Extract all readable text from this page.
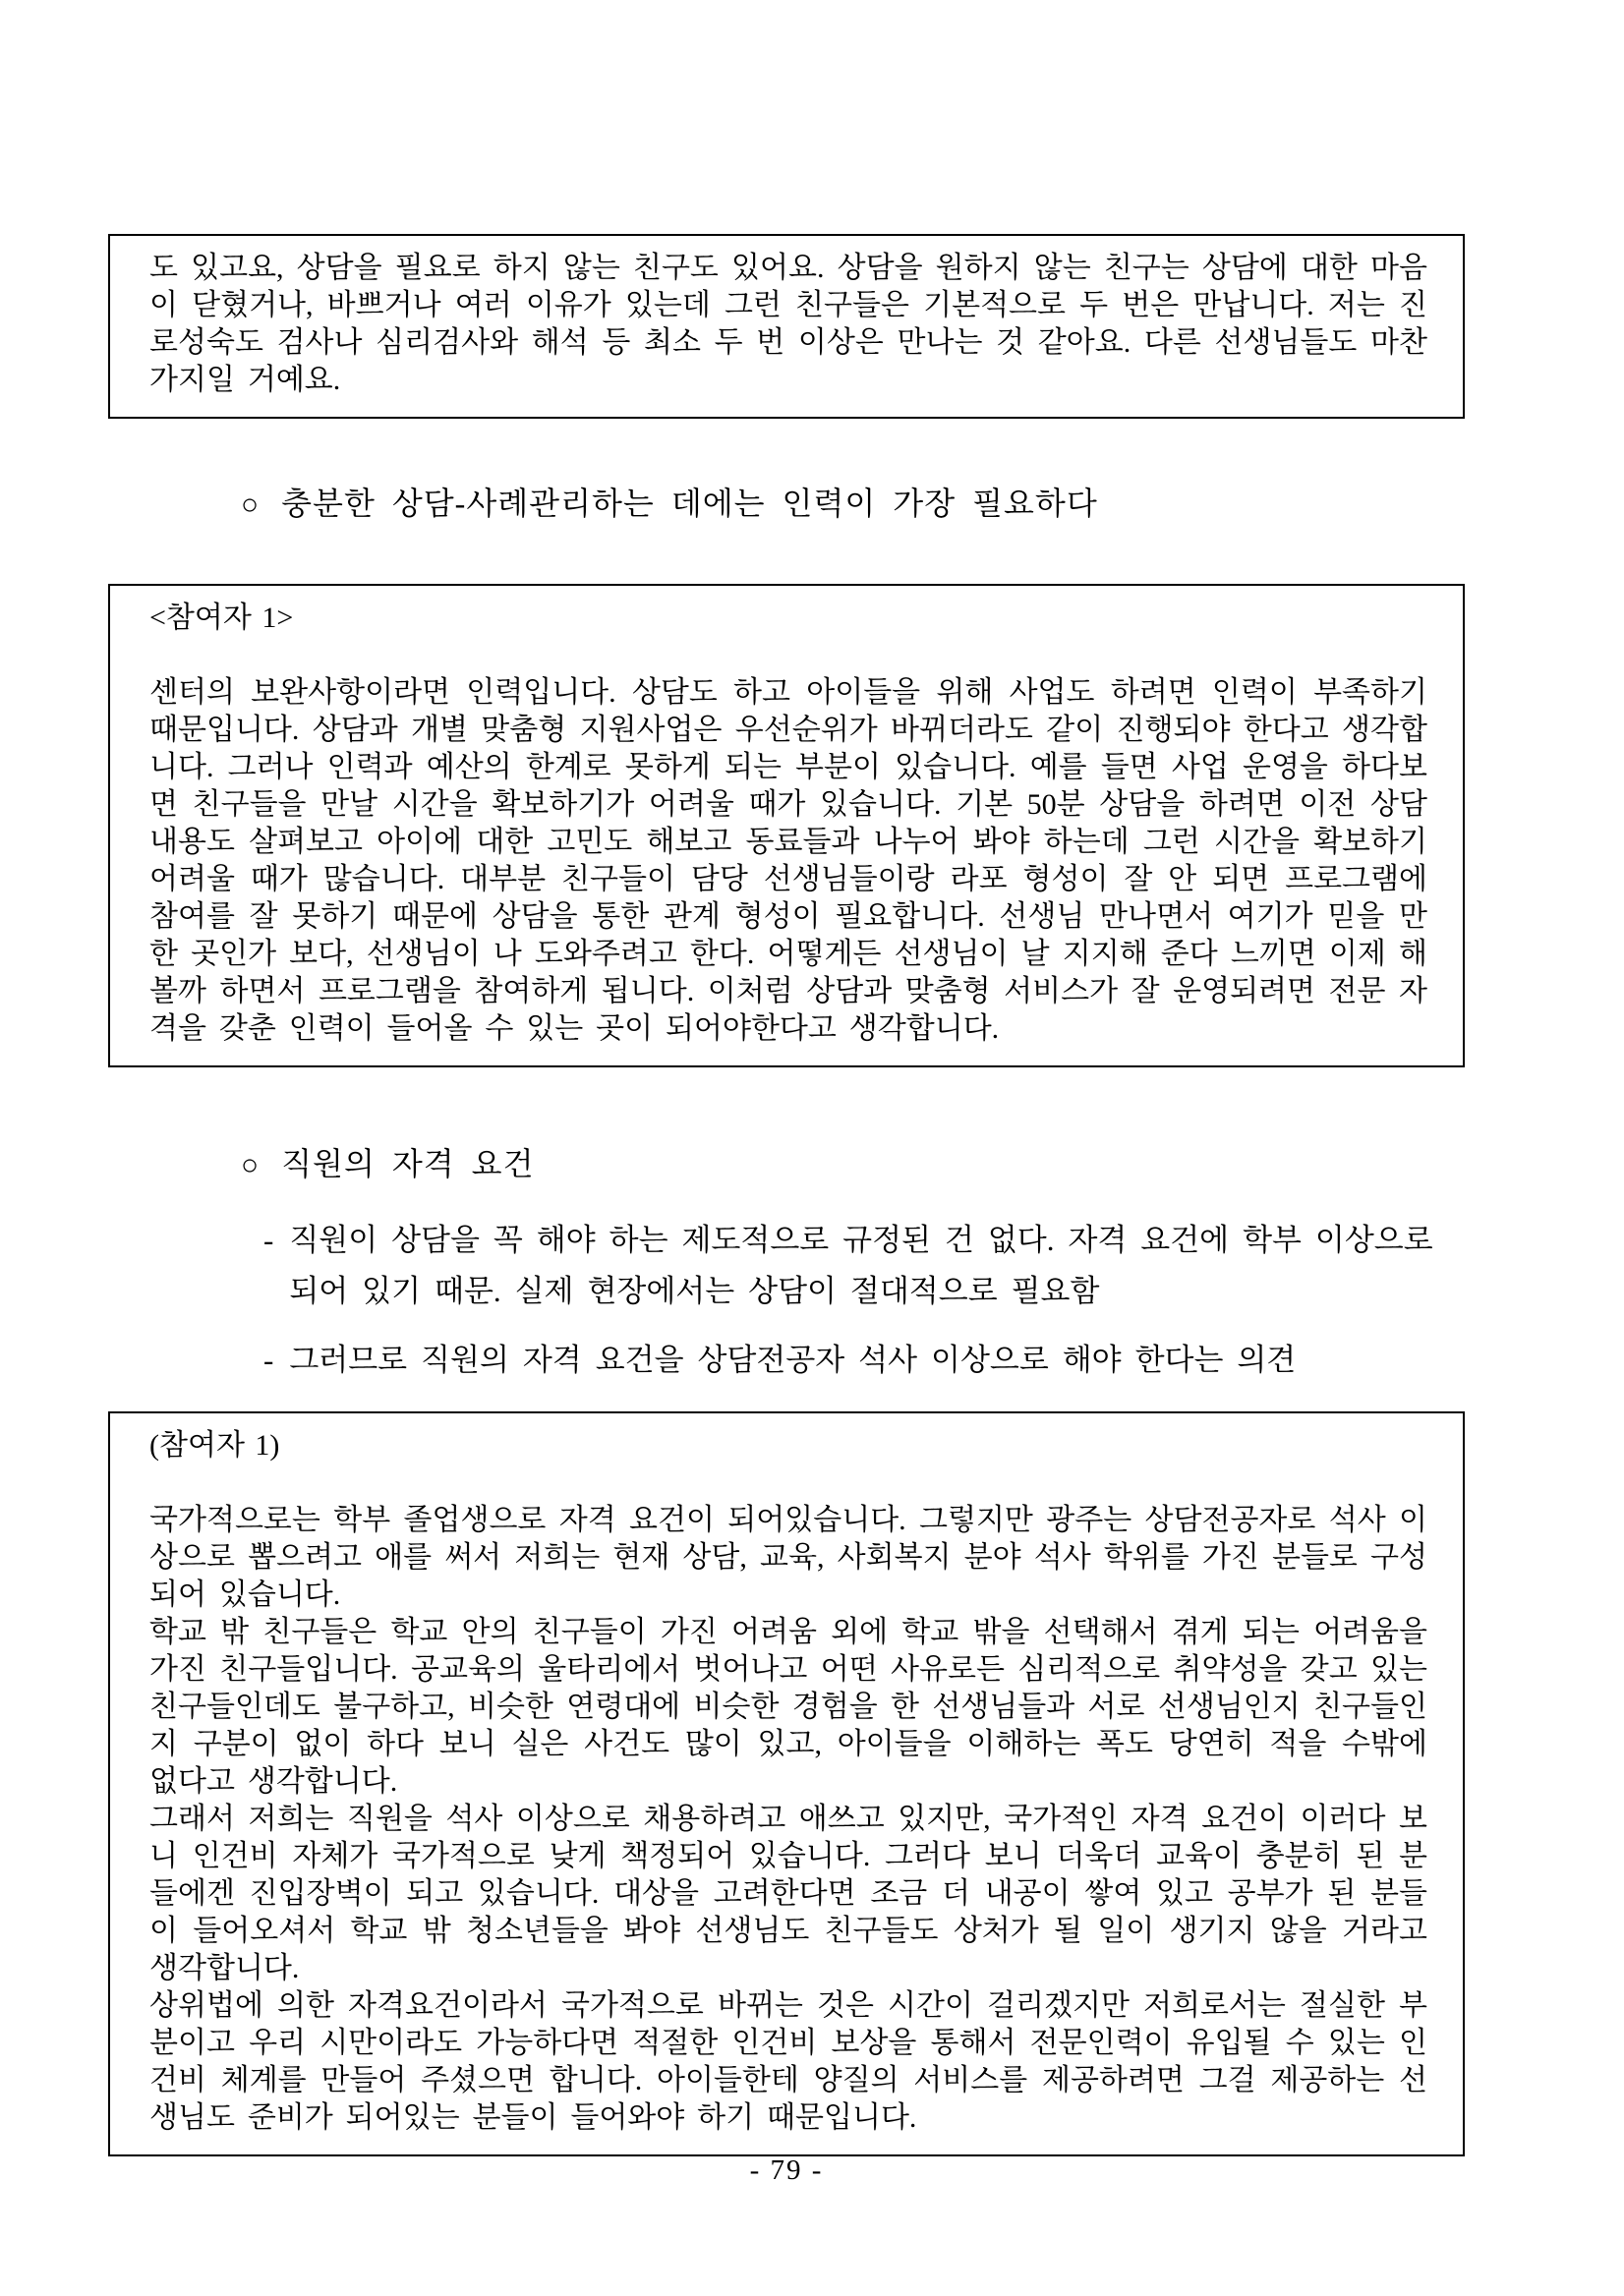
도 있고요, 상담을 필요로 하지 않는 친구도 있어요. 상담을 원하지 않는 친구는 상담에 대한 마음이 닫혔거나, 바쁘거나 여러 이유가 있는데 그런 친구들은 기본적으로 두 번은 만납니다. 저는 진로성숙도 검사나 심리검사와 해석 등 최소 두 번 이상은 만나는 것 같아요. 다른 선생님들도 마찬가지일 거예요.

○ 충분한 상담-사례관리하는 데에는 인력이 가장 필요하다

<참여자 1>

센터의 보완사항이라면 인력입니다. 상담도 하고 아이들을 위해 사업도 하려면 인력이 부족하기 때문입니다. 상담과 개별 맞춤형 지원사업은 우선순위가 바뀌더라도 같이 진행되야 한다고 생각합니다. 그러나 인력과 예산의 한계로 못하게 되는 부분이 있습니다. 예를 들면 사업 운영을 하다보면 친구들을 만날 시간을 확보하기가 어려울 때가 있습니다. 기본 50분 상담을 하려면 이전 상담 내용도 살펴보고 아이에 대한 고민도 해보고 동료들과 나누어 봐야 하는데 그런 시간을 확보하기 어려울 때가 많습니다. 대부분 친구들이 담당 선생님들이랑 라포 형성이 잘 안 되면 프로그램에 참여를 잘 못하기 때문에 상담을 통한 관계 형성이 필요합니다. 선생님 만나면서 여기가 믿을 만한 곳인가 보다, 선생님이 나 도와주려고 한다. 어떻게든 선생님이 날 지지해 준다 느끼면 이제 해볼까 하면서 프로그램을 참여하게 됩니다. 이처럼 상담과 맞춤형 서비스가 잘 운영되려면 전문 자격을 갖춘 인력이 들어올 수 있는 곳이 되어야한다고 생각합니다.

○ 직원의 자격 요건
- 직원이 상담을 꼭 해야 하는 제도적으로 규정된 건 없다. 자격 요건에 학부 이상으로 되어 있기 때문. 실제 현장에서는 상담이 절대적으로 필요함
- 그러므로 직원의 자격 요건을 상담전공자 석사 이상으로 해야 한다는 의견

(참여자 1)

국가적으로는 학부 졸업생으로 자격 요건이 되어있습니다. 그렇지만 광주는 상담전공자로 석사 이상으로 뽑으려고 애를 써서 저희는 현재 상담, 교육, 사회복지 분야 석사 학위를 가진 분들로 구성되어 있습니다.

학교 밖 친구들은 학교 안의 친구들이 가진 어려움 외에 학교 밖을 선택해서 겪게 되는 어려움을 가진 친구들입니다. 공교육의 울타리에서 벗어나고 어떤 사유로든 심리적으로 취약성을 갖고 있는 친구들인데도 불구하고, 비슷한 연령대에 비슷한 경험을 한 선생님들과 서로 선생님인지 친구들인지 구분이 없이 하다 보니 실은 사건도 많이 있고, 아이들을 이해하는 폭도 당연히 적을 수밖에 없다고 생각합니다.

그래서 저희는 직원을 석사 이상으로 채용하려고 애쓰고 있지만, 국가적인 자격 요건이 이러다 보니 인건비 자체가 국가적으로 낮게 책정되어 있습니다. 그러다 보니 더욱더 교육이 충분히 된 분들에겐 진입장벽이 되고 있습니다. 대상을 고려한다면 조금 더 내공이 쌓여 있고 공부가 된 분들이 들어오셔서 학교 밖 청소년들을 봐야 선생님도 친구들도 상처가 될 일이 생기지 않을 거라고 생각합니다.

상위법에 의한 자격요건이라서 국가적으로 바뀌는 것은 시간이 걸리겠지만 저희로서는 절실한 부분이고 우리 시만이라도 가능하다면 적절한 인건비 보상을 통해서 전문인력이 유입될 수 있는 인건비 체계를 만들어 주셨으면 합니다. 아이들한테 양질의 서비스를 제공하려면 그걸 제공하는 선생님도 준비가 되어있는 분들이 들어와야 하기 때문입니다.

- 79 -
